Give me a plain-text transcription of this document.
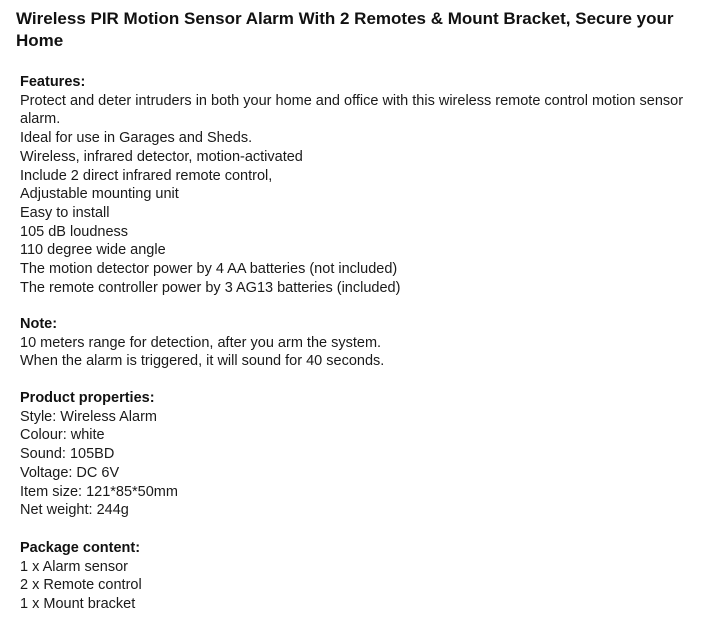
Wireless PIR Motion Sensor Alarm With 2 Remotes & Mount Bracket, Secure your Home
Features:
Protect and deter intruders in both your home and office with this wireless remote control motion sensor alarm.
Ideal for use in Garages and Sheds.
Wireless, infrared detector, motion-activated
Include 2 direct infrared remote control,
Adjustable mounting unit
Easy to install
105 dB loudness
110 degree wide angle
The motion detector power by 4 AA batteries (not included)
The remote controller power by 3 AG13 batteries (included)
Note:
10 meters range for detection, after you arm the system.
When the alarm is triggered, it will sound for 40 seconds.
Product properties:
Style: Wireless Alarm
Colour: white
Sound: 105BD
Voltage: DC 6V
Item size: 121*85*50mm
Net weight: 244g
Package content:
1 x Alarm sensor
2 x Remote control
1 x Mount bracket
